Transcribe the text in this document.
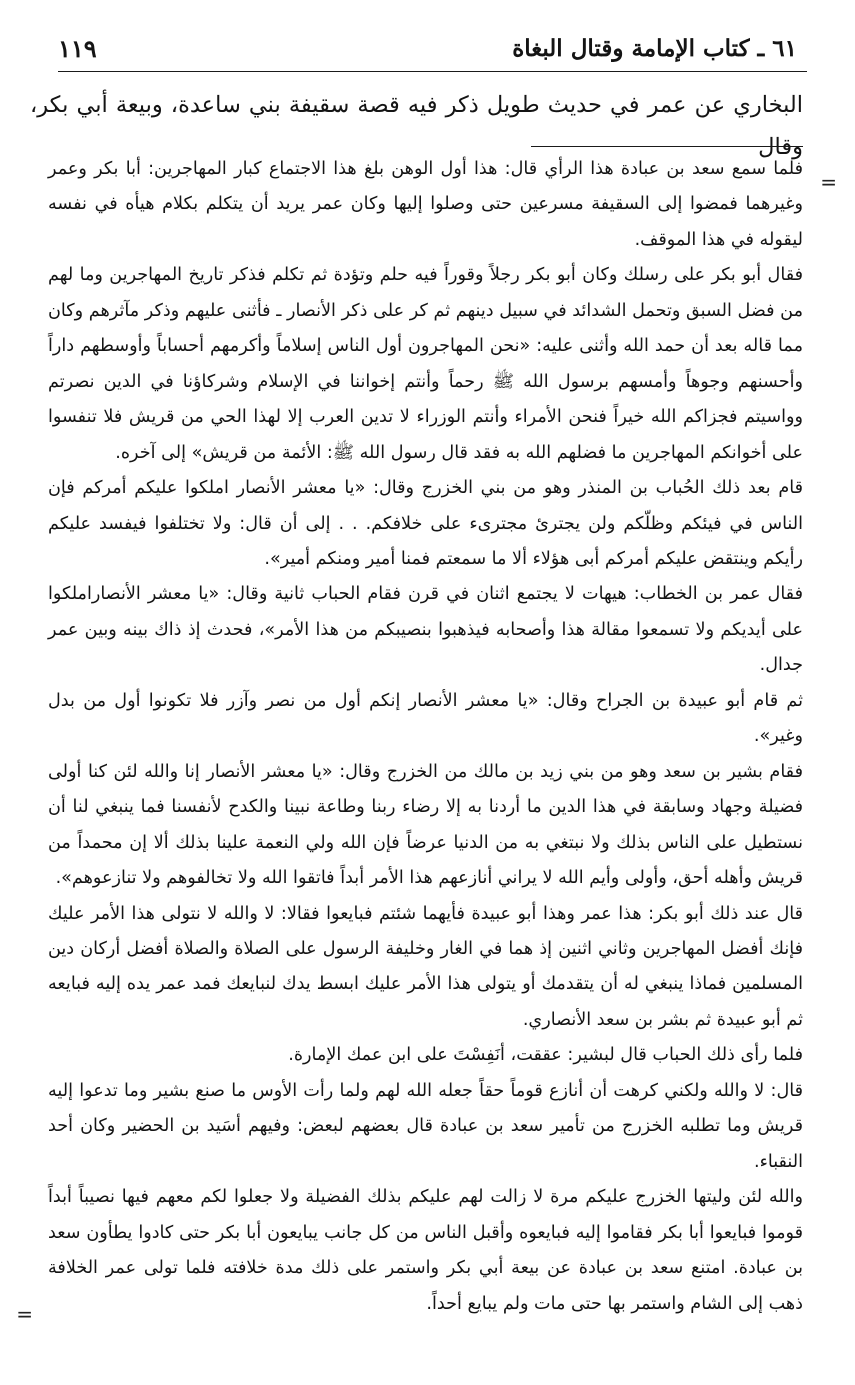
٦١ ـ كتاب الإمامة وقتال البغاة
١١٩
البخاري عن عمر في حديث طويل ذكر فيه قصة سقيفة بني ساعدة، وبيعة أبي بكر، وقال
=
=

فلما سمع سعد بن عبادة هذا الرأي قال: هذا أول الوهن بلغ هذا الاجتماع كبار المهاجرين: أبا بكر وعمر وغيرهما فمضوا إلى السقيفة مسرعين حتى وصلوا إليها وكان عمر يريد أن يتكلم بكلام هيأه في نفسه ليقوله في هذا الموقف.

فقال أبو بكر على رسلك وكان أبو بكر رجلاً وقوراً فيه حلم وتؤدة ثم تكلم فذكر تاريخ المهاجرين وما لهم من فضل السبق وتحمل الشدائد في سبيل دينهم ثم كر على ذكر الأنصار ـ فأثنى عليهم وذكر مآثرهم وكان مما قاله بعد أن حمد الله وأثنى عليه: «نحن المهاجرون أول الناس إسلاماً وأكرمهم أحساباً وأوسطهم داراً وأحسنهم وجوهاً وأمسهم برسول الله ﷺ رحماً وأنتم إخواننا في الإسلام وشركاؤنا في الدين نصرتم وواسيتم فجزاكم الله خيراً فنحن الأمراء وأنتم الوزراء لا تدين العرب إلا لهذا الحي من قريش فلا تنفسوا على أخوانكم المهاجرين ما فضلهم الله به فقد قال رسول الله ﷺ: الأئمة من قريش» إلى آخره.

قام بعد ذلك الحُباب بن المنذر وهو من بني الخزرج وقال: «يا معشر الأنصار املكوا عليكم أمركم فإن الناس في فيئكم وظلّكم ولن يجترئ مجترىء على خلافكم. . . إلى أن قال: ولا تختلفوا فيفسد عليكم رأيكم وينتقض عليكم أمركم أبى هؤلاء ألا ما سمعتم فمنا أمير ومنكم أمير».

فقال عمر بن الخطاب: هيهات لا يجتمع اثنان في قرن فقام الحباب ثانية وقال: «يا معشر الأنصاراملكوا على أيديكم ولا تسمعوا مقالة هذا وأصحابه فيذهبوا بنصيبكم من هذا الأمر»، فحدث إذ ذاك بينه وبين عمر جدال.

ثم قام أبو عبيدة بن الجراح وقال: «يا معشر الأنصار إنكم أول من نصر وآزر فلا تكونوا أول من بدل وغير».

فقام بشير بن سعد وهو من بني زيد بن مالك من الخزرج وقال: «يا معشر الأنصار إنا والله لئن كنا أولى فضيلة وجهاد وسابقة في هذا الدين ما أردنا به إلا رضاء ربنا وطاعة نبينا والكدح لأنفسنا فما ينبغي لنا أن نستطيل على الناس بذلك ولا نبتغي به من الدنيا عرضاً فإن الله ولي النعمة علينا بذلك ألا إن محمداً من قريش وأهله أحق، وأولى وأيم الله لا يراني أنازعهم هذا الأمر أبداً فاتقوا الله ولا تخالفوهم ولا تنازعوهم».

قال عند ذلك أبو بكر: هذا عمر وهذا أبو عبيدة فأيهما شئتم فبايعوا فقالا: لا والله لا نتولى هذا الأمر عليك فإنك أفضل المهاجرين وثاني اثنين إذ هما في الغار وخليفة الرسول على الصلاة والصلاة أفضل أركان دين المسلمين فماذا ينبغي له أن يتقدمك أو يتولى هذا الأمر عليك ابسط يدك لنبايعك فمد عمر يده إليه فبايعه ثم أبو عبيدة ثم بشر بن سعد الأنصاري.

فلما رأى ذلك الحباب قال لبشير: عققت، أنَفِسْتَ على ابن عمك الإمارة.

قال: لا والله ولكني كرهت أن أنازع قوماً حقاً جعله الله لهم ولما رأت الأوس ما صنع بشير وما تدعوا إليه قريش وما تطلبه الخزرج من تأمير سعد بن عبادة قال بعضهم لبعض: وفيهم أسَيد بن الحضير وكان أحد النقباء.

والله لئن وليتها الخزرج عليكم مرة لا زالت لهم عليكم بذلك الفضيلة ولا جعلوا لكم معهم فيها نصيباً أبداً قوموا فبايعوا أبا بكر فقاموا إليه فبايعوه وأقبل الناس من كل جانب يبايعون أبا بكر حتى كادوا يطأون سعد بن عبادة. امتنع سعد بن عبادة عن بيعة أبي بكر واستمر على ذلك مدة خلافته فلما تولى عمر الخلافة ذهب إلى الشام واستمر بها حتى مات ولم يبايع أحداً.
